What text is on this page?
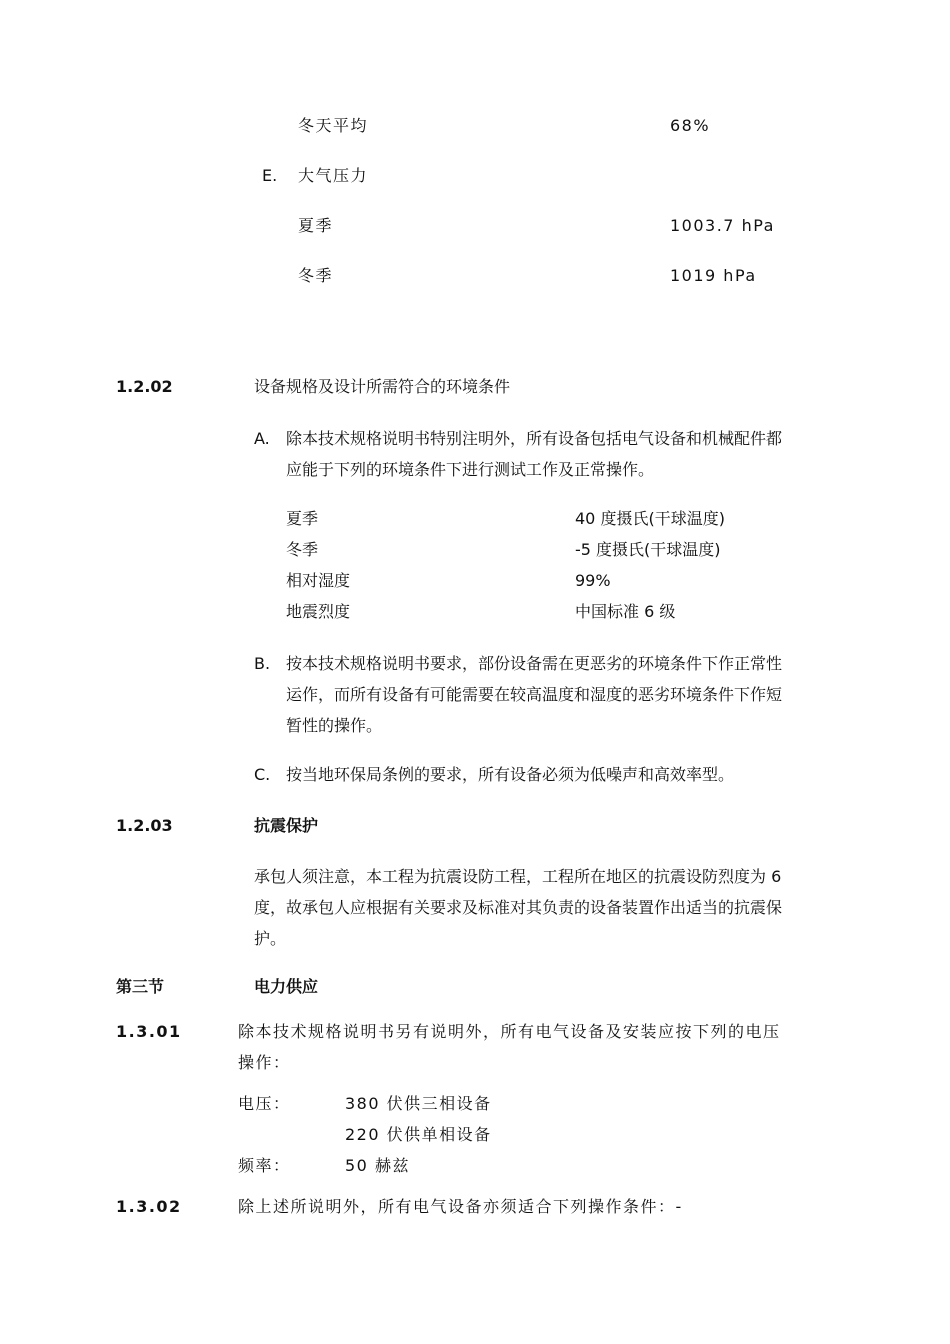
冬天平均	68%
E. 大气压力
夏季	1003.7 hPa
冬季	1019 hPa
1.2.02	设备规格及设计所需符合的环境条件
A. 除本技术规格说明书特别注明外，所有设备包括电气设备和机械配件都
应能于下列的环境条件下进行测试工作及正常操作。
夏季	40 度摄氏(干球温度)
冬季	-5 度摄氏(干球温度)
相对湿度	99%
地震烈度	中国标准 6 级
B. 按本技术规格说明书要求，部份设备需在更恶劣的环境条件下作正常性
运作，而所有设备有可能需要在较高温度和湿度的恶劣环境条件下作短
暂性的操作。
C. 按当地环保局条例的要求，所有设备必须为低噪声和高效率型。
1.2.03	抗震保护
承包人须注意，本工程为抗震设防工程，工程所在地区的抗震设防烈度为 6
度，故承包人应根据有关要求及标准对其负责的设备装置作出适当的抗震保
护。
第三节	电力供应
1.3.01	除本技术规格说明书另有说明外，所有电气设备及安装应按下列的电压
操作：
电压：	380 伏供三相设备
220 伏供单相设备
频率：	50 赫兹
1.3.02	除上述所说明外，所有电气设备亦须适合下列操作条件：-
